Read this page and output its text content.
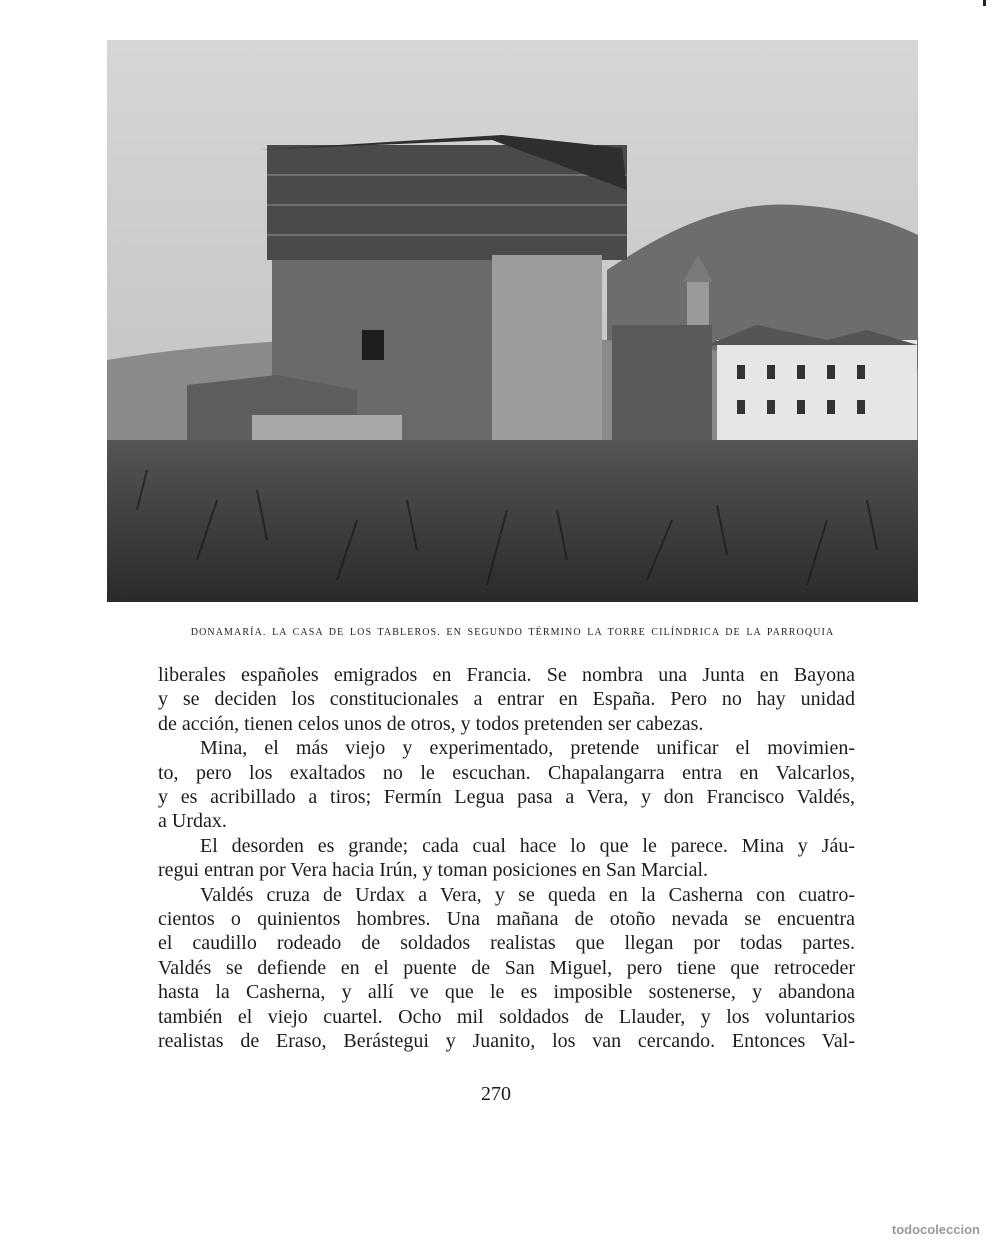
DONAMARÍA. LA CASA DE LOS TABLEROS. EN SEGUNDO TÉRMINO LA TORRE CILÍNDRICA DE LA PARROQUIA
liberales españoles emigrados en Francia. Se nombra una Junta en Bayona
y se deciden los constitucionales a entrar en España. Pero no hay unidad
de acción, tienen celos unos de otros, y todos pretenden ser cabezas.
Mina, el más viejo y experimentado, pretende unificar el movimien-
to, pero los exaltados no le escuchan. Chapalangarra entra en Valcarlos,
y es acribillado a tiros; Fermín Legua pasa a Vera, y don Francisco Valdés,
a Urdax.
El desorden es grande; cada cual hace lo que le parece. Mina y Jáu-
regui entran por Vera hacia Irún, y toman posiciones en San Marcial.
Valdés cruza de Urdax a Vera, y se queda en la Casherna con cuatro-
cientos o quinientos hombres. Una mañana de otoño nevada se encuentra
el caudillo rodeado de soldados realistas que llegan por todas partes.
Valdés se defiende en el puente de San Miguel, pero tiene que retroceder
hasta la Casherna, y allí ve que le es imposible sostenerse, y abandona
también el viejo cuartel. Ocho mil soldados de Llauder, y los voluntarios
realistas de Eraso, Berástegui y Juanito, los van cercando. Entonces Val-
270
todocoleccion
